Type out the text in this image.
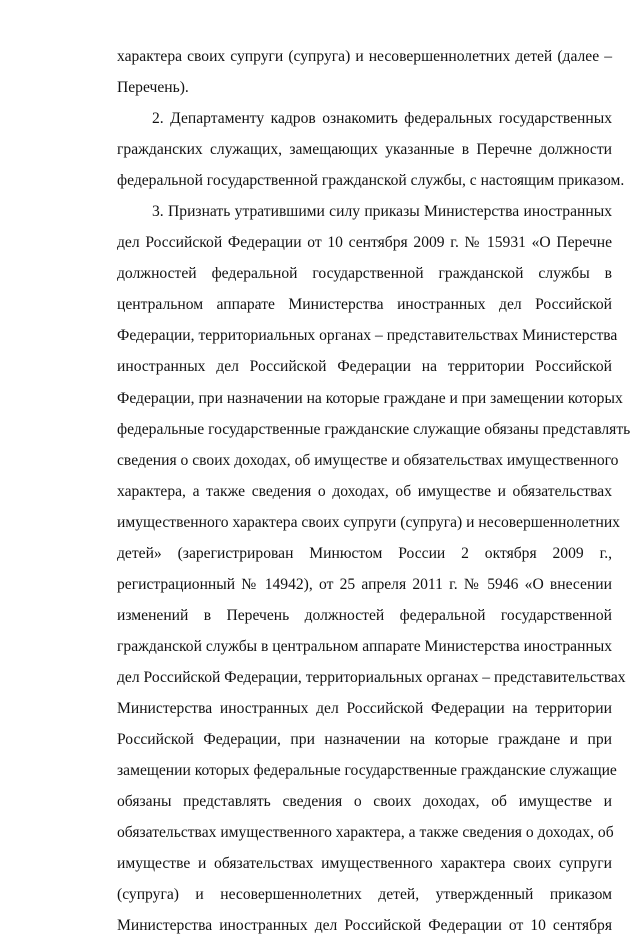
характера своих супруги (супруга) и несовершеннолетних детей (далее –
Перечень).
2. Департаменту кадров ознакомить федеральных государственных
гражданских служащих, замещающих указанные в Перечне должности
федеральной государственной гражданской службы, с настоящим приказом.
3. Признать утратившими силу приказы Министерства иностранных
дел Российской Федерации от 10 сентября 2009 г. № 15931 «О Перечне
должностей федеральной государственной гражданской службы в
центральном аппарате Министерства иностранных дел Российской
Федерации, территориальных органах – представительствах Министерства
иностранных дел Российской Федерации на территории Российской
Федерации, при назначении на которые граждане и при замещении которых
федеральные государственные гражданские служащие обязаны представлять
сведения о своих доходах, об имуществе и обязательствах имущественного
характера, а также сведения о доходах, об имуществе и обязательствах
имущественного характера своих супруги (супруга) и несовершеннолетних
детей» (зарегистрирован Минюстом России 2 октября 2009 г.,
регистрационный № 14942), от 25 апреля 2011 г. № 5946 «О внесении
изменений в Перечень должностей федеральной государственной
гражданской службы в центральном аппарате Министерства иностранных
дел Российской Федерации, территориальных органах – представительствах
Министерства иностранных дел Российской Федерации на территории
Российской Федерации, при назначении на которые граждане и при
замещении которых федеральные государственные гражданские служащие
обязаны представлять сведения о своих доходах, об имуществе и
обязательствах имущественного характера, а также сведения о доходах, об
имуществе и обязательствах имущественного характера своих супруги
(супруга) и несовершеннолетних детей, утвержденный приказом
Министерства иностранных дел Российской Федерации от 10 сентября
